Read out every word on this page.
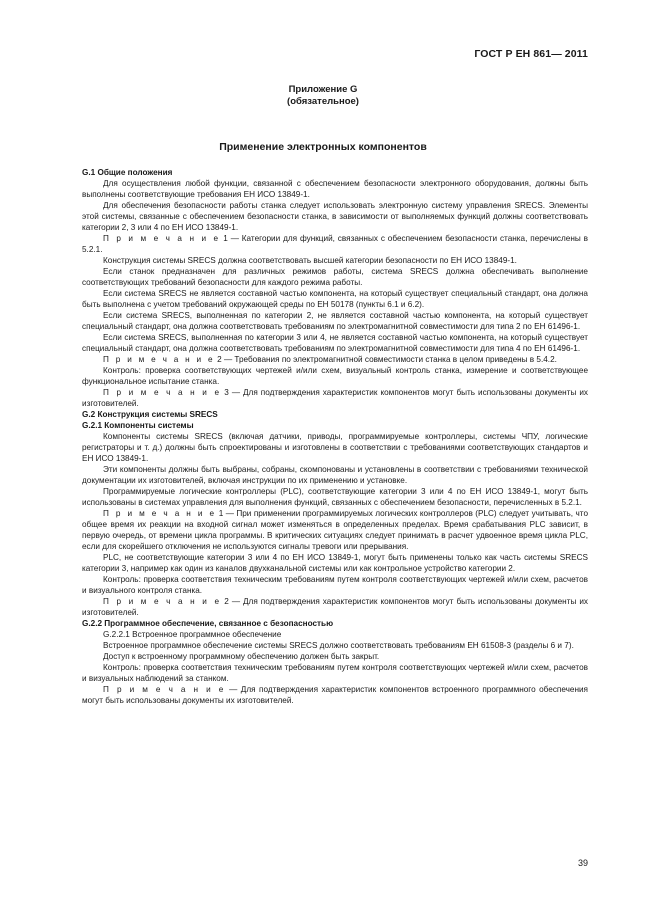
ГОСТ Р ЕН 861— 2011
Приложение G
(обязательное)
Применение электронных компонентов

G.1 Общие положения

Для осуществления любой функции, связанной с обеспечением безопасности электронного оборудования, должны быть выполнены соответствующие требования ЕН ИСО 13849-1.

Для обеспечения безопасности работы станка следует использовать электронную систему управления SRECS. Элементы этой системы, связанные с обеспечением безопасности станка, в зависимости от выполняемых функций должны соответствовать категории 2, 3 или 4 по ЕН ИСО 13849-1.

П р и м е ч а н и е 1 — Категории для функций, связанных с обеспечением безопасности станка, перечислены в 5.2.1.

Конструкция системы SRECS должна соответствовать высшей категории безопасности по ЕН ИСО 13849-1.

Если станок предназначен для различных режимов работы, система SRECS должна обеспечивать выполнение соответствующих требований безопасности для каждого режима работы.

Если система SRECS не является составной частью компонента, на который существует специальный стандарт, она должна быть выполнена с учетом требований окружающей среды по ЕН 50178 (пункты 6.1 и 6.2).

Если система SRECS, выполненная по категории 2, не является составной частью компонента, на который существует специальный стандарт, она должна соответствовать требованиям по электромагнитной совместимости для типа 2 по ЕН 61496-1.

Если система SRECS, выполненная по категории 3 или 4, не является составной частью компонента, на который существует специальный стандарт, она должна соответствовать требованиям по электромагнитной совместимости для типа 4 по ЕН 61496-1.

П р и м е ч а н и е 2 — Требования по электромагнитной совместимости станка в целом приведены в 5.4.2.

Контроль: проверка соответствующих чертежей и/или схем, визуальный контроль станка, измерение и соответствующее функциональное испытание станка.

П р и м е ч а н и е 3 — Для подтверждения характеристик компонентов могут быть использованы документы их изготовителей.

G.2 Конструкция системы SRECS

G.2.1 Компоненты системы

Компоненты системы SRECS (включая датчики, приводы, программируемые контроллеры, системы ЧПУ, логические регистраторы и т. д.) должны быть спроектированы и изготовлены в соответствии с требованиями соответствующих стандартов и ЕН ИСО 13849-1.

Эти компоненты должны быть выбраны, собраны, скомпонованы и установлены в соответствии с требованиями технической документации их изготовителей, включая инструкции по их применению и установке.

Программируемые логические контроллеры (PLC), соответствующие категории 3 или 4 по ЕН ИСО 13849-1, могут быть использованы в системах управления для выполнения функций, связанных с обеспечением безопасности, перечисленных в 5.2.1.

П р и м е ч а н и е 1 — При применении программируемых логических контроллеров (PLC) следует учитывать, что общее время их реакции на входной сигнал может изменяться в определенных пределах. Время срабатывания PLC зависит, в первую очередь, от времени цикла программы. В критических ситуациях следует принимать в расчет удвоенное время цикла PLC, если для скорейшего отключения не используются сигналы тревоги или прерывания.

PLC, не соответствующие категории 3 или 4 по ЕН ИСО 13849-1, могут быть применены только как часть системы SRECS категории 3, например как один из каналов двухканальной системы или как контрольное устройство категории 2.

Контроль: проверка соответствия техническим требованиям путем контроля соответствующих чертежей и/или схем, расчетов и визуального контроля станка.

П р и м е ч а н и е 2 — Для подтверждения характеристик компонентов могут быть использованы документы их изготовителей.

G.2.2 Программное обеспечение, связанное с безопасностью

G.2.2.1 Встроенное программное обеспечение

Встроенное программное обеспечение системы SRECS должно соответствовать требованиям ЕН 61508-3 (разделы 6 и 7).

Доступ к встроенному программному обеспечению должен быть закрыт.

Контроль: проверка соответствия техническим требованиям путем контроля соответствующих чертежей и/или схем, расчетов и визуальных наблюдений за станком.

П р и м е ч а н и е — Для подтверждения характеристик компонентов встроенного программного обеспечения могут быть использованы документы их изготовителей.

39
